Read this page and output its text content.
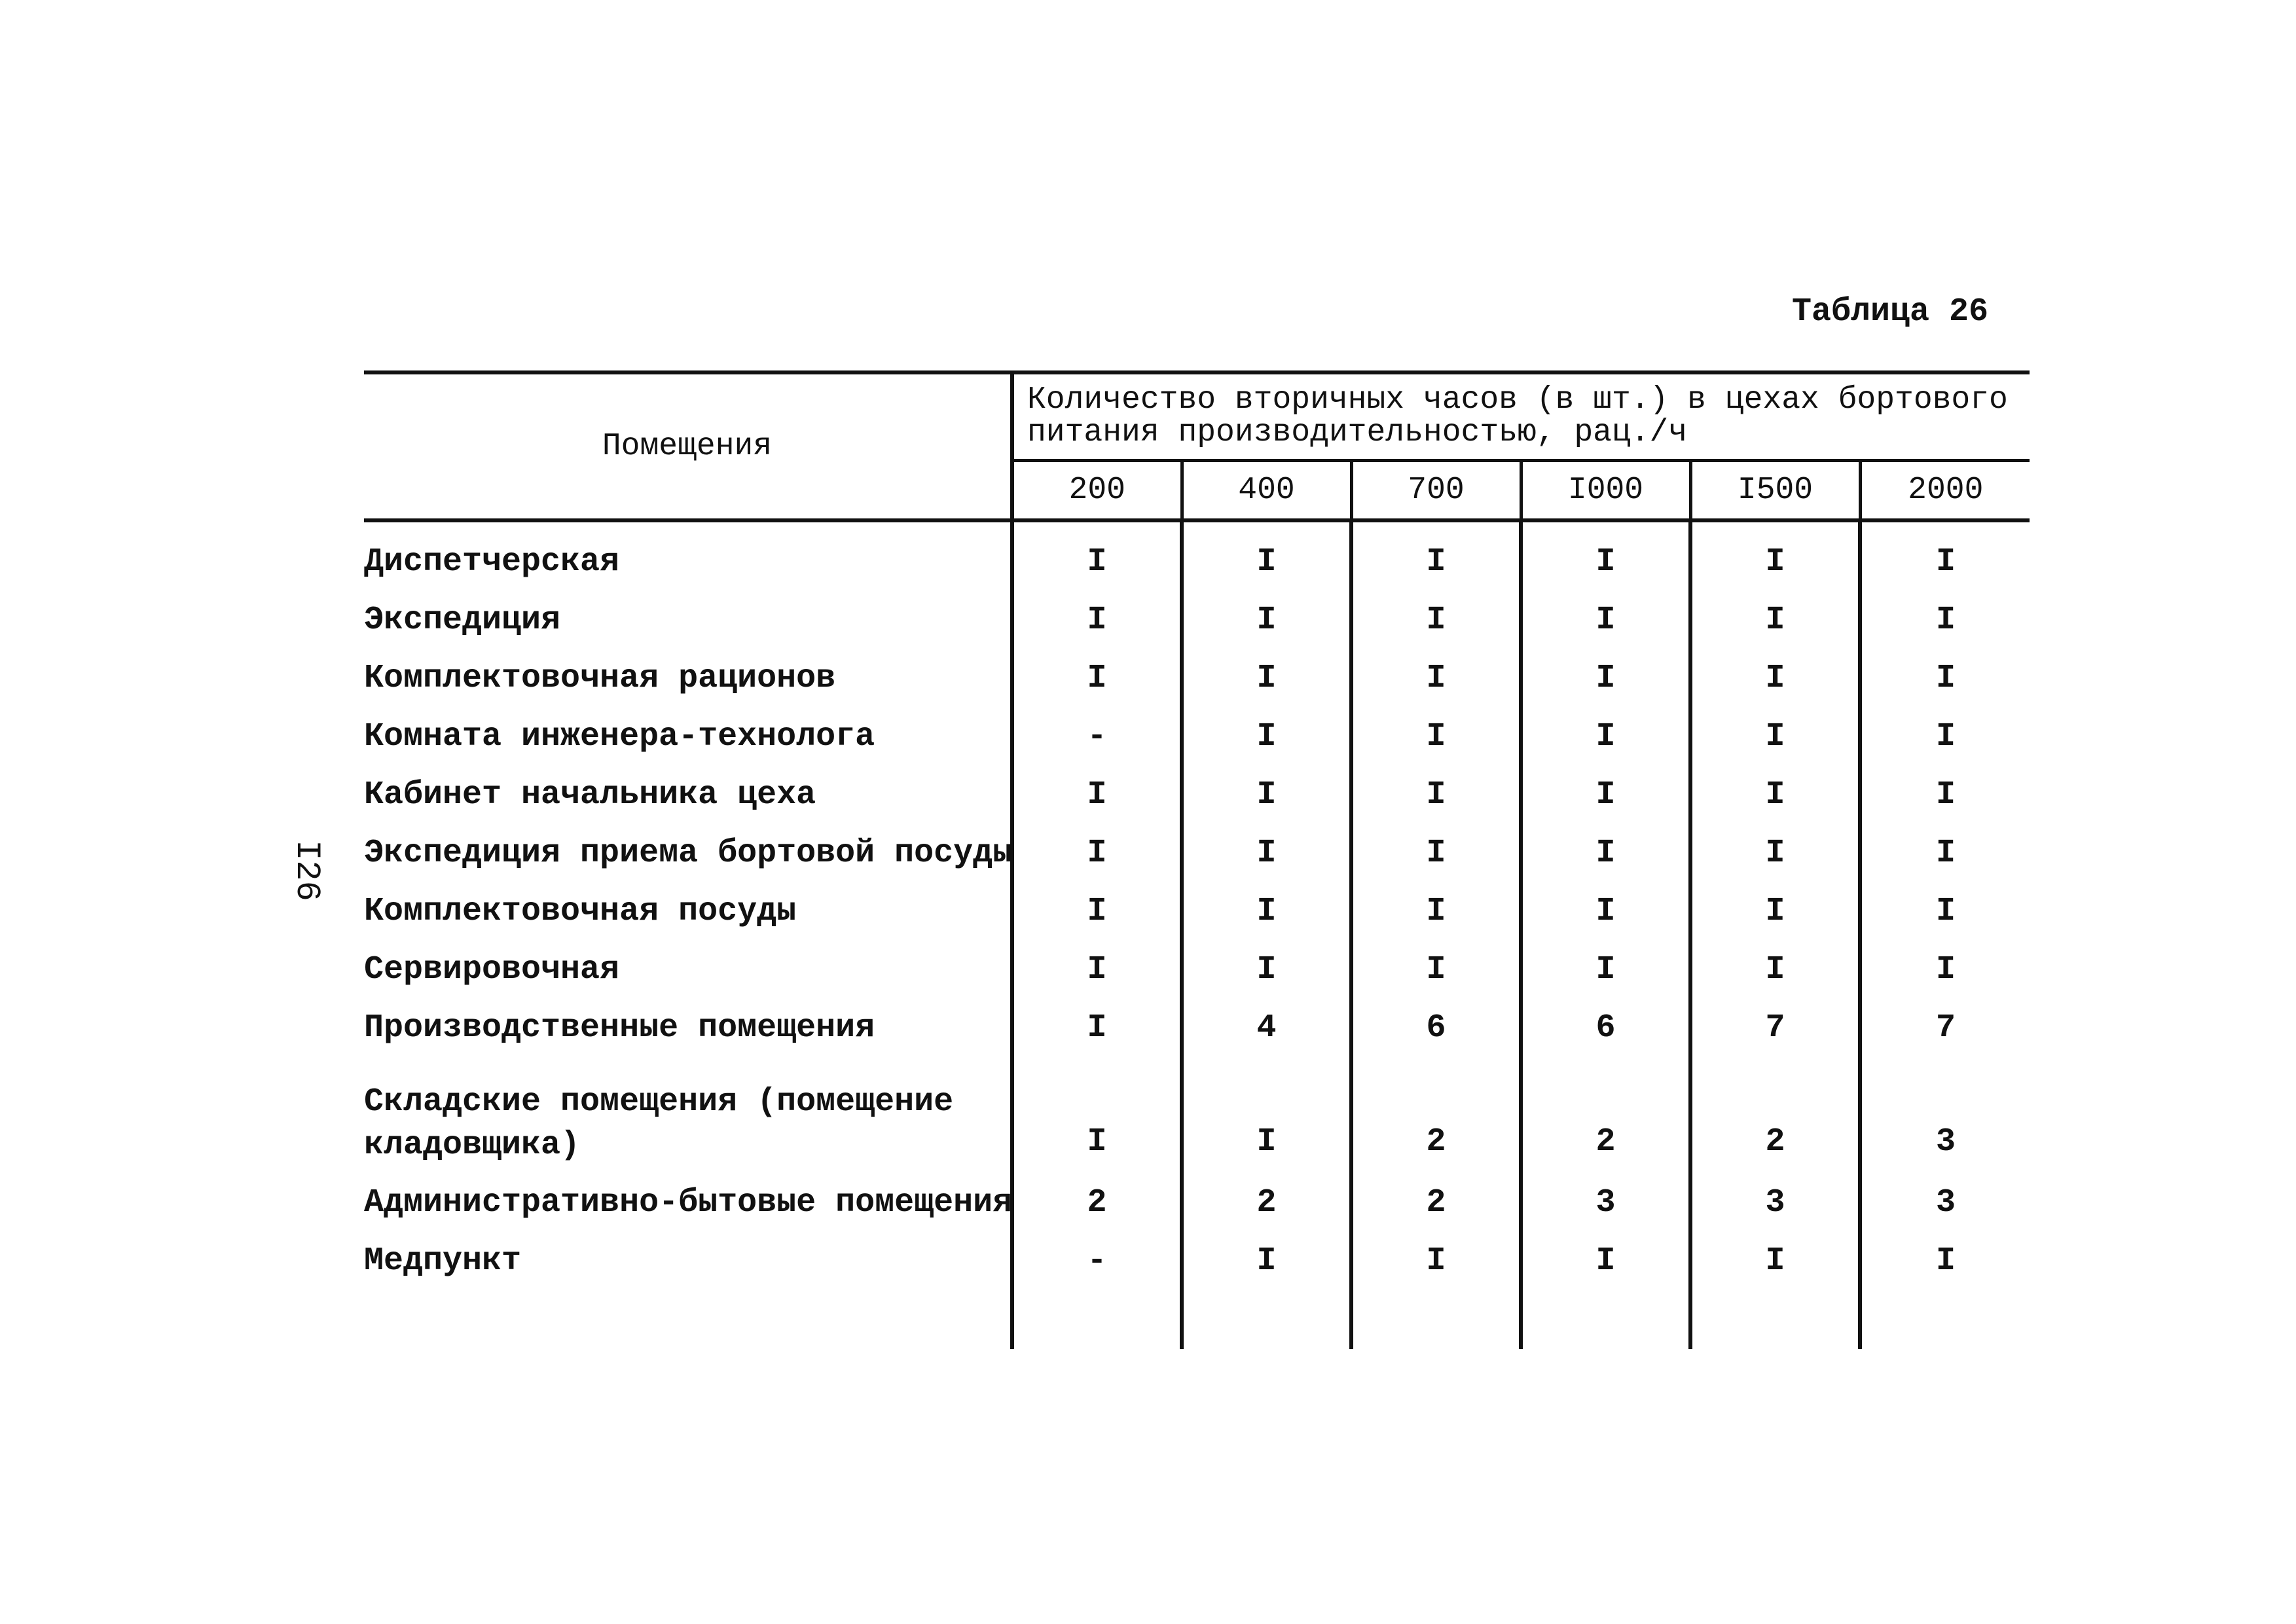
I26
Таблица 26
Помещения	Количество вторичных часов (в шт.) в цехах бортового питания производительностью, рац./ч					
	200	400	700	I000	I500	2000
Диспетчерская	I	I	I	I	I	I
Экспедиция	I	I	I	I	I	I
Комплектовочная рационов	I	I	I	I	I	I
Комната инженера-технолога	-	I	I	I	I	I
Кабинет начальника цеха	I	I	I	I	I	I
Экспедиция приема бортовой посуды	I	I	I	I	I	I
Комплектовочная посуды	I	I	I	I	I	I
Сервировочная	I	I	I	I	I	I
Производственные помещения	I	4	6	6	7	7
Складские помещения (помещение кладовщика)	I	I	2	2	2	3
Административно-бытовые помещения	2	2	2	3	3	3
Медпункт	-	I	I	I	I	I
